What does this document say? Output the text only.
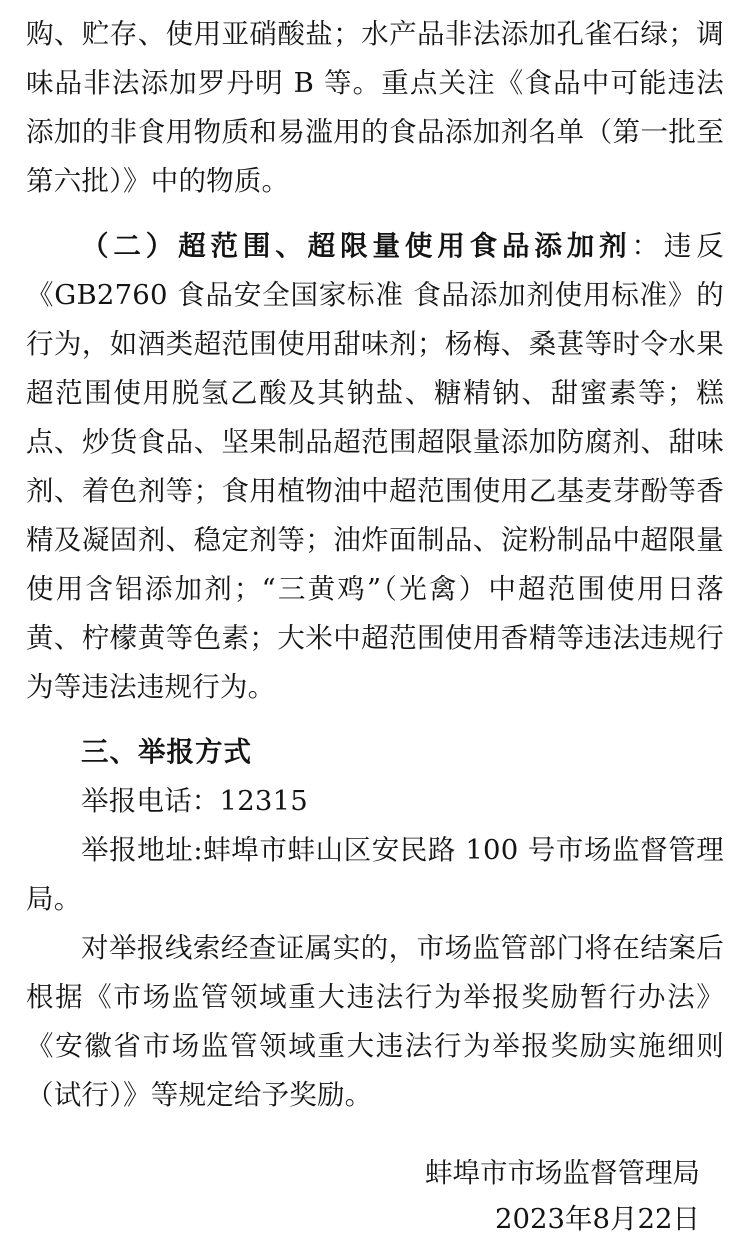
购、贮存、使用亚硝酸盐；水产品非法添加孔雀石绿；调味品非法添加罗丹明 B 等。重点关注《食品中可能违法添加的非食用物质和易滥用的食品添加剂名单（第一批至第六批）》中的物质。

（二）超范围、超限量使用食品添加剂：违反《GB2760 食品安全国家标准 食品添加剂使用标准》的行为，如酒类超范围使用甜味剂；杨梅、桑葚等时令水果超范围使用脱氢乙酸及其钠盐、糖精钠、甜蜜素等；糕点、炒货食品、坚果制品超范围超限量添加防腐剂、甜味剂、着色剂等；食用植物油中超范围使用乙基麦芽酚等香精及凝固剂、稳定剂等；油炸面制品、淀粉制品中超限量使用含铝添加剂；“三黄鸡”（光禽）中超范围使用日落黄、柠檬黄等色素；大米中超范围使用香精等违法违规行为等违法违规行为。

三、举报方式

举报电话：12315

举报地址:蚌埠市蚌山区安民路 100 号市场监督管理局。

对举报线索经查证属实的，市场监管部门将在结案后根据《市场监管领域重大违法行为举报奖励暂行办法》《安徽省市场监管领域重大违法行为举报奖励实施细则（试行）》等规定给予奖励。

蚌埠市市场监督管理局
2023年8月22日
